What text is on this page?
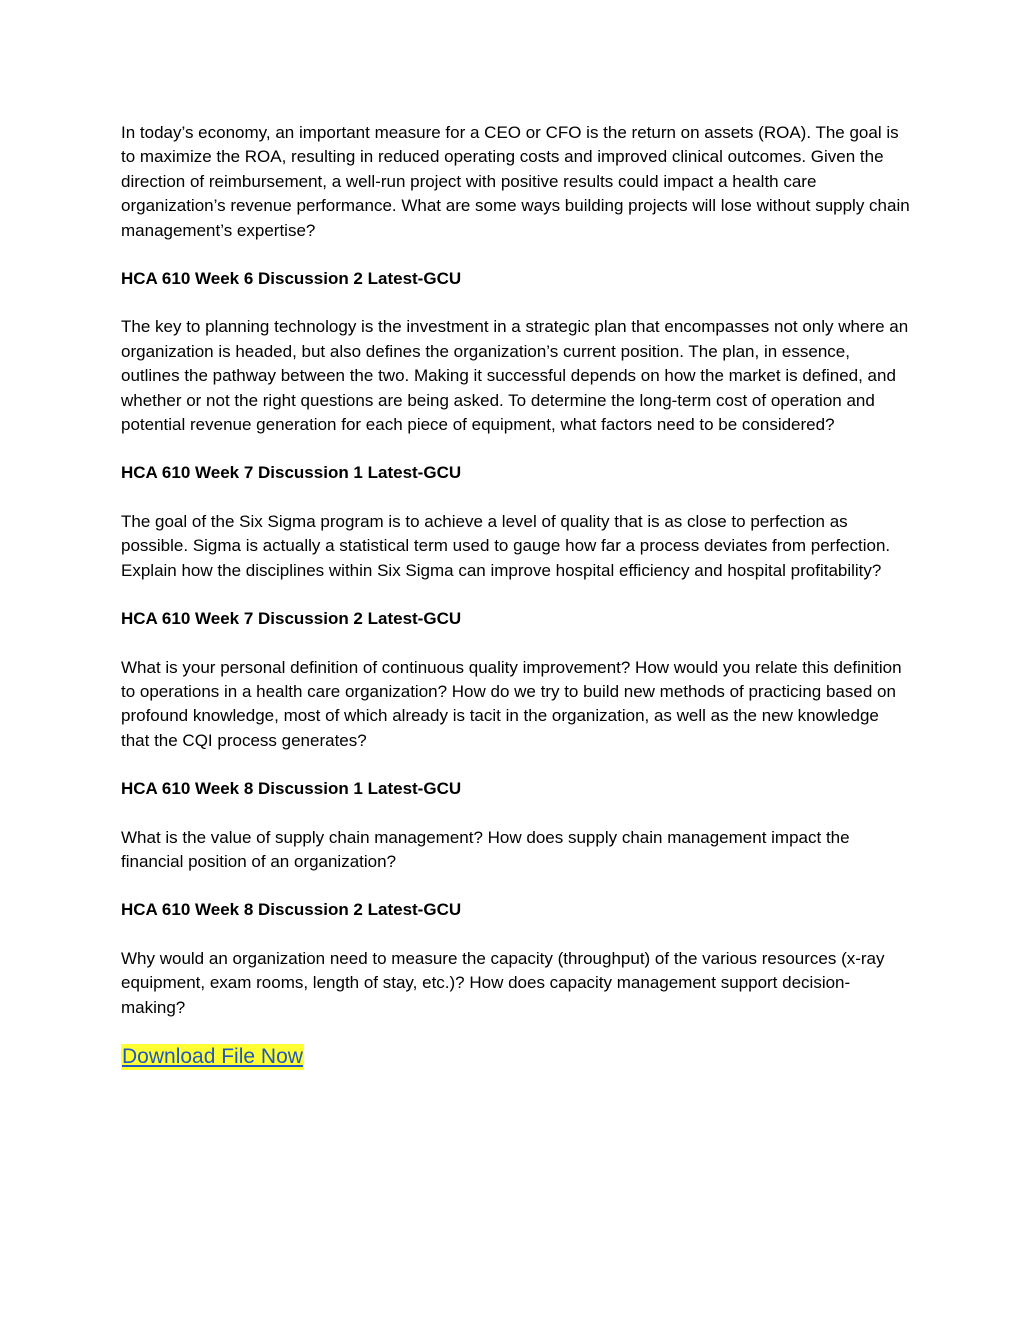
In today’s economy, an important measure for a CEO or CFO is the return on assets (ROA). The goal is to maximize the ROA, resulting in reduced operating costs and improved clinical outcomes. Given the direction of reimbursement, a well-run project with positive results could impact a health care organization’s revenue performance. What are some ways building projects will lose without supply chain management’s expertise?

HCA 610 Week 6 Discussion 2 Latest-GCU

The key to planning technology is the investment in a strategic plan that encompasses not only where an organization is headed, but also defines the organization’s current position. The plan, in essence, outlines the pathway between the two. Making it successful depends on how the market is defined, and whether or not the right questions are being asked. To determine the long-term cost of operation and potential revenue generation for each piece of equipment, what factors need to be considered?

HCA 610 Week 7 Discussion 1 Latest-GCU

The goal of the Six Sigma program is to achieve a level of quality that is as close to perfection as possible. Sigma is actually a statistical term used to gauge how far a process deviates from perfection. Explain how the disciplines within Six Sigma can improve hospital efficiency and hospital profitability?

HCA 610 Week 7 Discussion 2 Latest-GCU

What is your personal definition of continuous quality improvement? How would you relate this definition to operations in a health care organization? How do we try to build new methods of practicing based on profound knowledge, most of which already is tacit in the organization, as well as the new knowledge that the CQI process generates?

HCA 610 Week 8 Discussion 1 Latest-GCU

What is the value of supply chain management? How does supply chain management impact the financial position of an organization?

HCA 610 Week 8 Discussion 2 Latest-GCU

Why would an organization need to measure the capacity (throughput) of the various resources (x-ray equipment, exam rooms, length of stay, etc.)? How does capacity management support decision-making?

Download File Now
